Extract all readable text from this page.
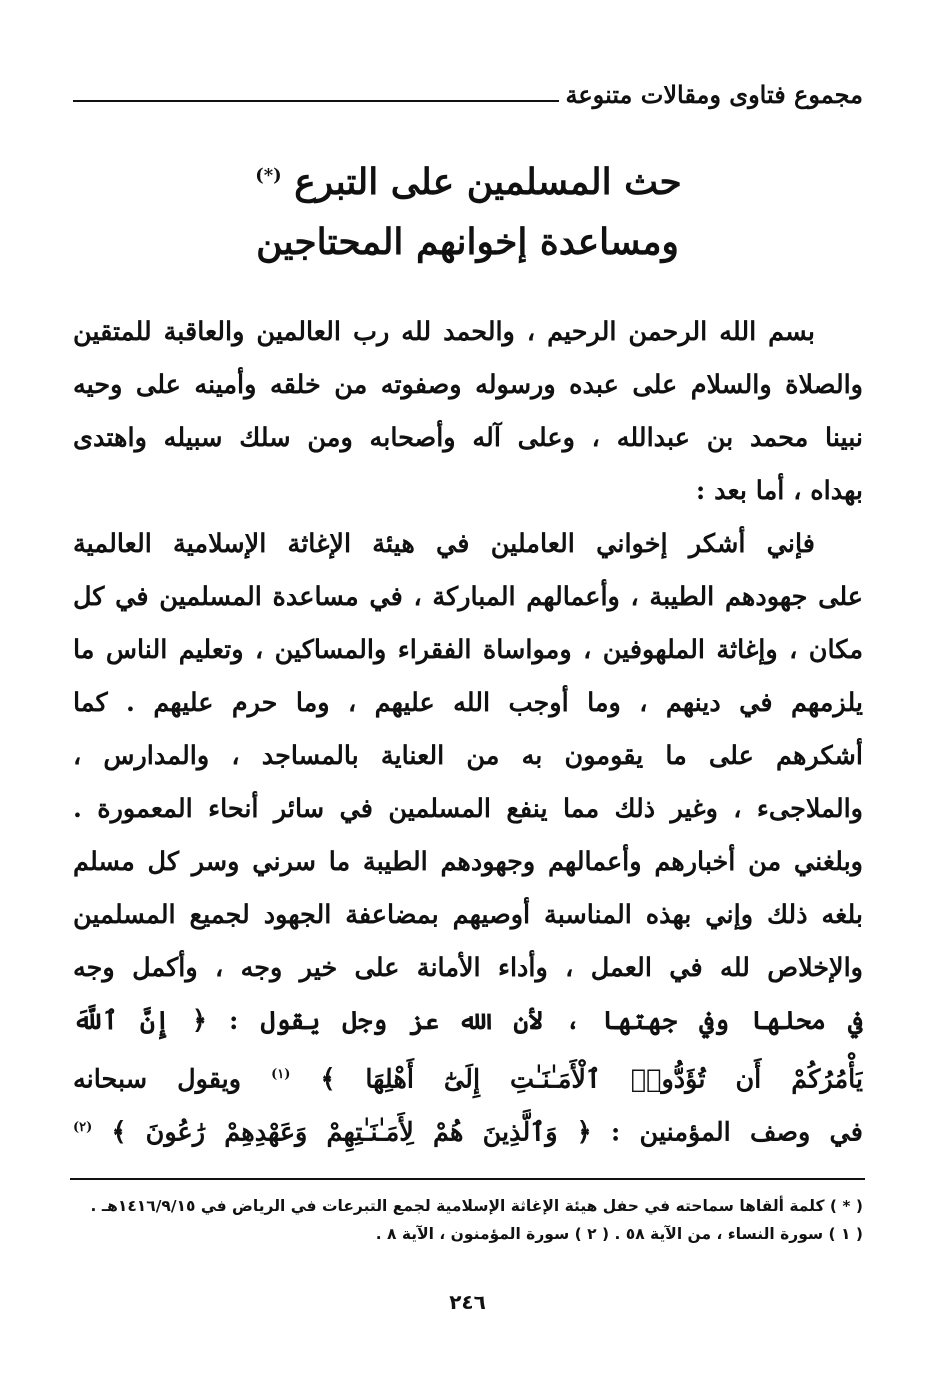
مجموع فتاوى ومقالات متنوعة
حث المسلمين على التبرع (*)
ومساعدة إخوانهم المحتاجين
بسم الله الرحمن الرحيم ، والحمد لله رب العالمين والعاقبة للمتقين
والصلاة والسلام على عبده ورسوله وصفوته من خلقه وأمينه على وحيه
نبينا محمد بن عبدالله ، وعلى آله وأصحابه ومن سلك سبيله واهتدى
بهداه ، أما بعد :
فإني أشكر إخواني العاملين في هيئة الإغاثة الإسلامية العالمية
على جهودهم الطيبة ، وأعمالهم المباركة ، في مساعدة المسلمين في كل
مكان ، وإغاثة الملهوفين ، ومواساة الفقراء والمساكين ، وتعليم الناس ما
يلزمهم في دينهم ، وما أوجب الله عليهم ، وما حرم عليهم . كما
أشكرهم على ما يقومون به من العناية بالمساجد ، والمدارس ،
والملاجىء ، وغير ذلك مما ينفع المسلمين في سائر أنحاء المعمورة .
وبلغني من أخبارهم وأعمالهم وجهودهم الطيبة ما سرني وسر كل مسلم
بلغه ذلك وإني بهذه المناسبة أوصيهم بمضاعفة الجهود لجميع المسلمين
والإخلاص لله في العمل ، وأداء الأمانة على خير وجه ، وأكمل وجه
في محلها وفي جهتها ، لأن الله عز وجل يقول : ﴿ إِنَّ ٱللَّهَ
يَأْمُرُكُمْ أَن تُؤَدُّوا۟ ٱلْأَمَـٰنَـٰتِ إِلَىٰٓ أَهْلِهَا ﴾ $^{(١)}$ ويقول سبحانه
في وصف المؤمنين : ﴿ وَٱلَّذِينَ هُمْ لِأَمَـٰنَـٰتِهِمْ وَعَهْدِهِمْ رَٰعُونَ ﴾ $^{(٢)}$
( * ) كلمة ألقاها سماحته في حفل هيئة الإغاثة الإسلامية لجمع التبرعات في الرياض في ١٤١٦/٩/١٥هـ .
( ١ ) سورة النساء ، من الآية ٥٨ . ( ٢ ) سورة المؤمنون ، الآية ٨ .
٢٤٦
